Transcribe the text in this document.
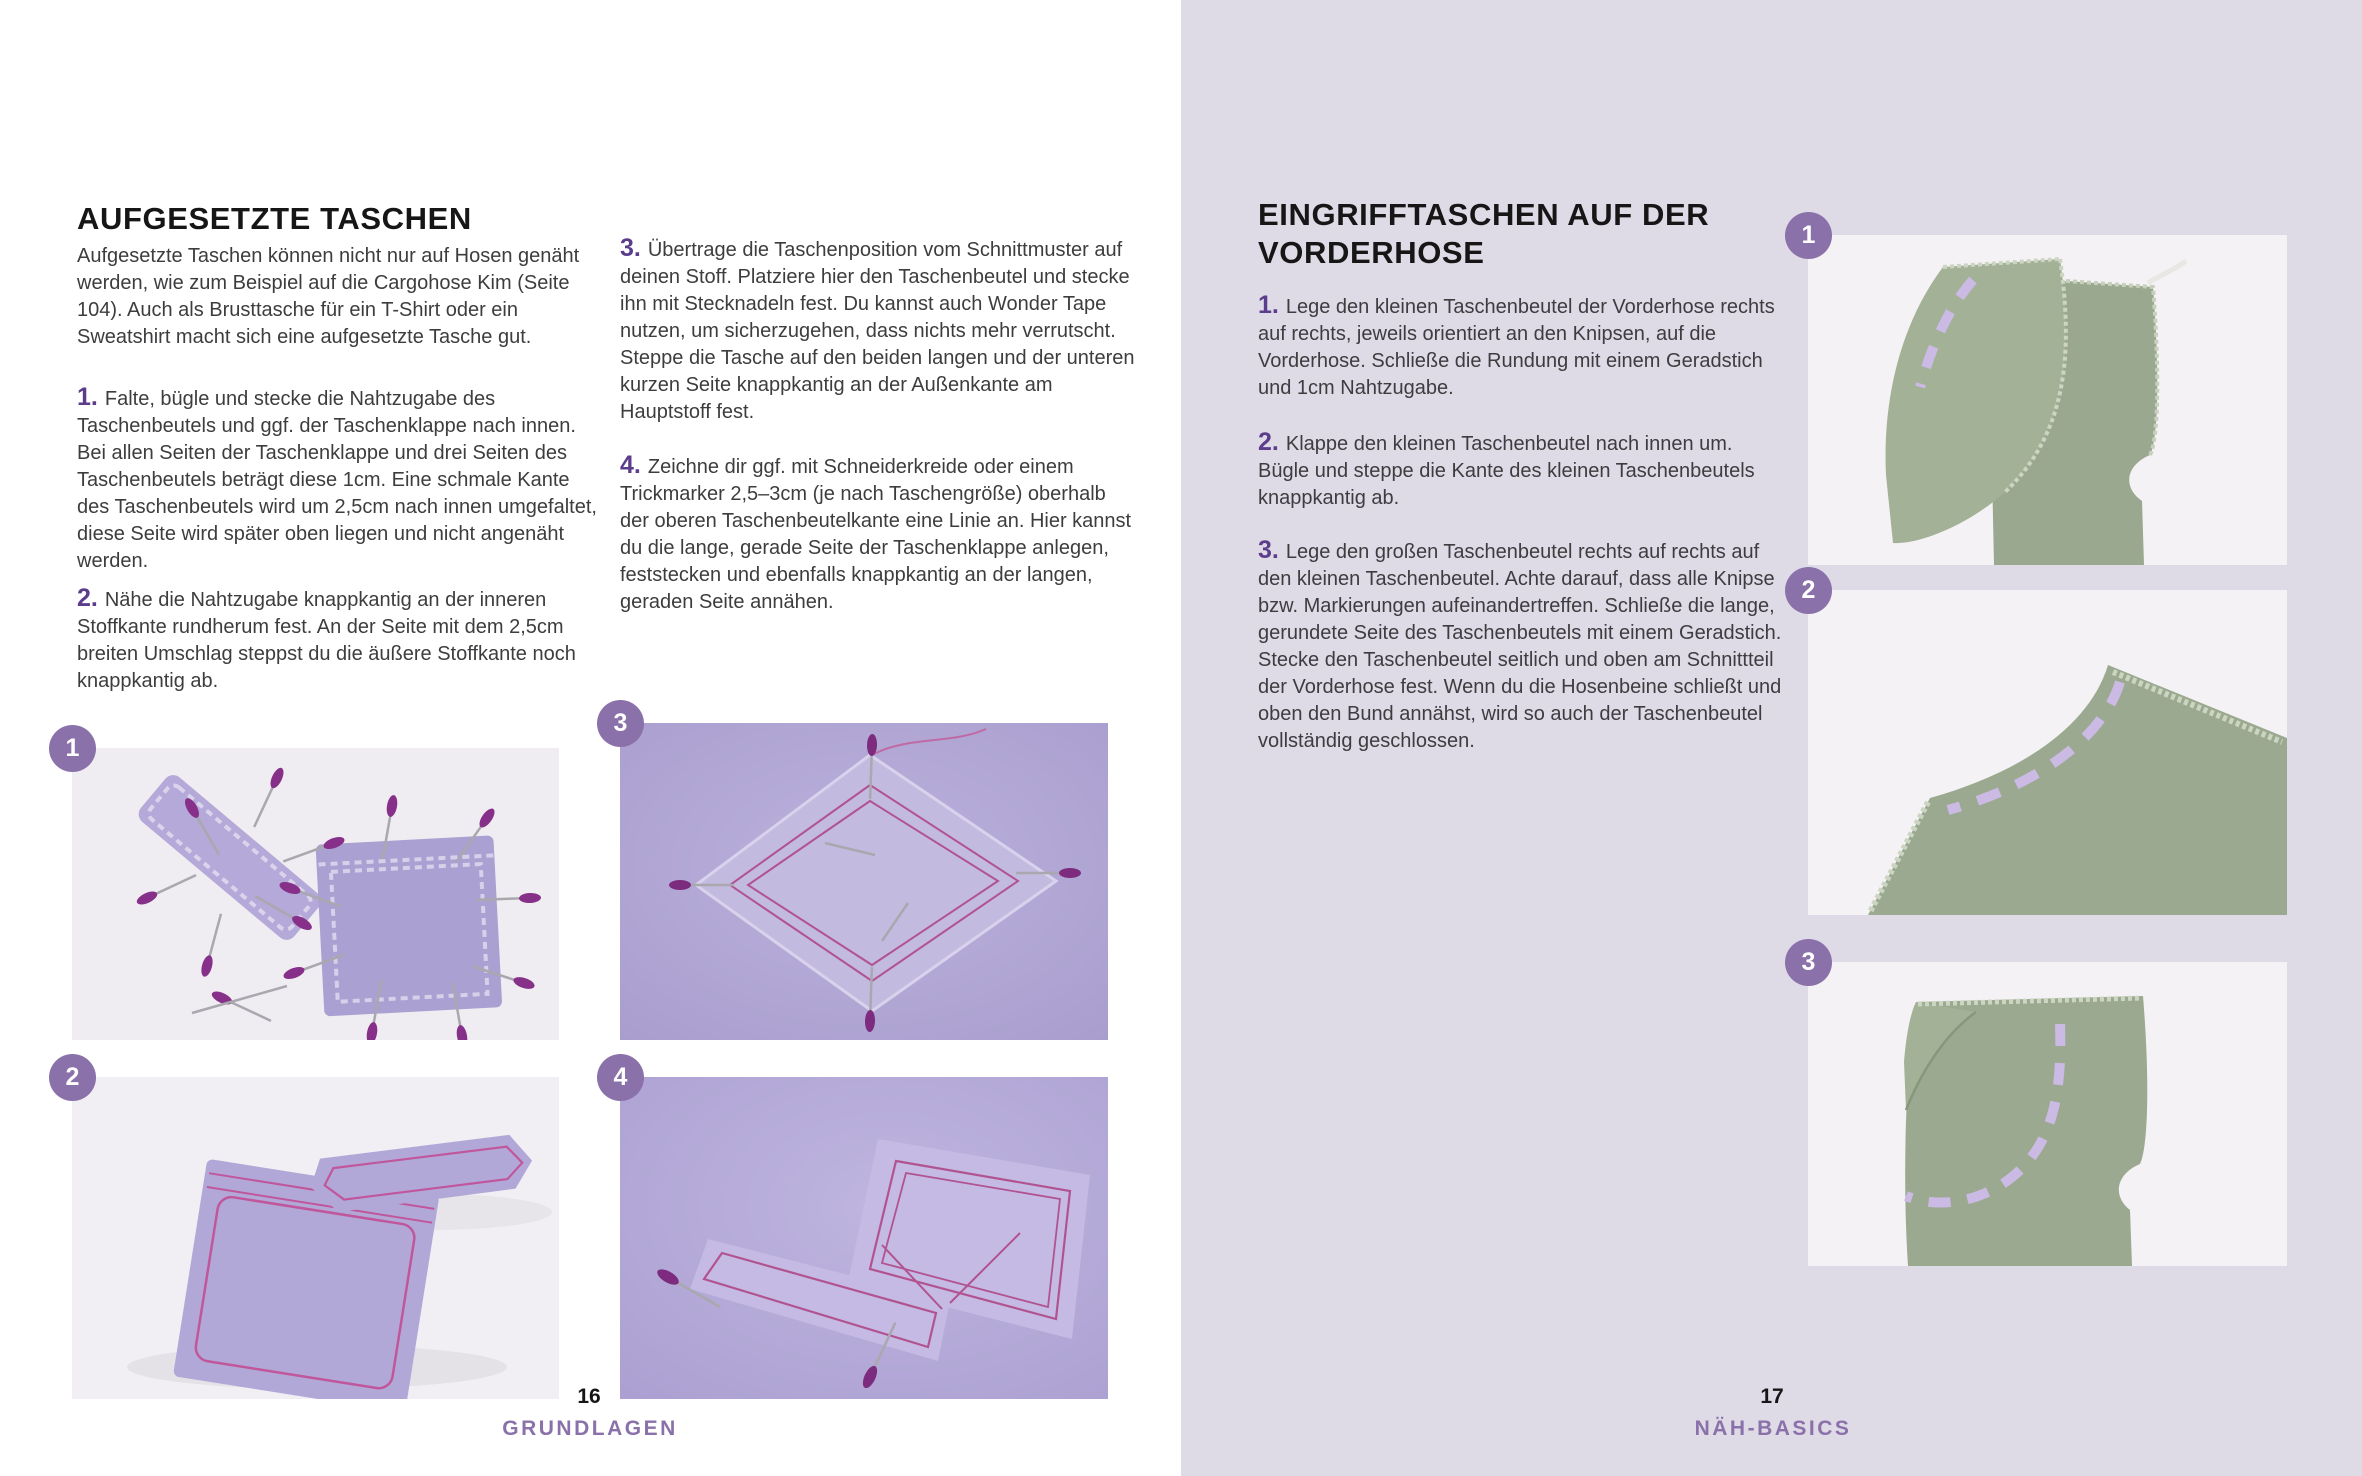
AUFGESETZTE TASCHEN

Aufgesetzte Taschen können nicht nur auf Hosen genäht werden, wie zum Beispiel auf die Cargohose Kim (Seite 104). Auch als Brusttasche für ein T-Shirt oder ein Sweatshirt macht sich eine aufgesetzte Tasche gut.

1. Falte, bügle und stecke die Nahtzugabe des Taschenbeutels und ggf. der Taschenklappe nach innen. Bei allen Seiten der Taschenklappe und drei Seiten des Taschenbeutels beträgt diese 1cm. Eine schmale Kante des Taschenbeutels wird um 2,5cm nach innen umgefaltet, diese Seite wird später oben liegen und nicht angenäht werden.

2. Nähe die Nahtzugabe knappkantig an der inneren Stoffkante rundherum fest. An der Seite mit dem 2,5cm breiten Umschlag steppst du die äußere Stoffkante noch knappkantig ab.

3. Übertrage die Taschenposition vom Schnittmuster auf deinen Stoff. Platziere hier den Taschenbeutel und stecke ihn mit Stecknadeln fest. Du kannst auch Wonder Tape nutzen, um sicherzugehen, dass nichts mehr verrutscht. Steppe die Tasche auf den beiden langen und der unteren kurzen Seite knappkantig an der Außenkante am Hauptstoff fest.

4. Zeichne dir ggf. mit Schneiderkreide oder einem Trickmarker 2,5–3cm (je nach Taschengröße) oberhalb der oberen Taschenbeutelkante eine Linie an. Hier kannst du die lange, gerade Seite der Taschenklappe anlegen, feststecken und ebenfalls knappkantig an der langen, geraden Seite annähen.

1
2
3
4
16
GRUNDLAGEN
EINGRIFFTASCHEN AUF DER VORDERHOSE

1. Lege den kleinen Taschenbeutel der Vorderhose rechts auf rechts, jeweils orientiert an den Knipsen, auf die Vorderhose. Schließe die Rundung mit einem Geradstich und 1cm Nahtzugabe.

2. Klappe den kleinen Taschenbeutel nach innen um. Bügle und steppe die Kante des kleinen Taschenbeutels knappkantig ab.

3. Lege den großen Taschenbeutel rechts auf rechts auf den kleinen Taschenbeutel. Achte darauf, dass alle Knipse bzw. Markierungen aufeinandertreffen. Schließe die lange, gerundete Seite des Taschenbeutels mit einem Geradstich. Stecke den Taschenbeutel seitlich und oben am Schnittteil der Vorderhose fest. Wenn du die Hosenbeine schließt und oben den Bund annähst, wird so auch der Taschenbeutel vollständig geschlossen.

1
2
3
17
NÄH-BASICS
